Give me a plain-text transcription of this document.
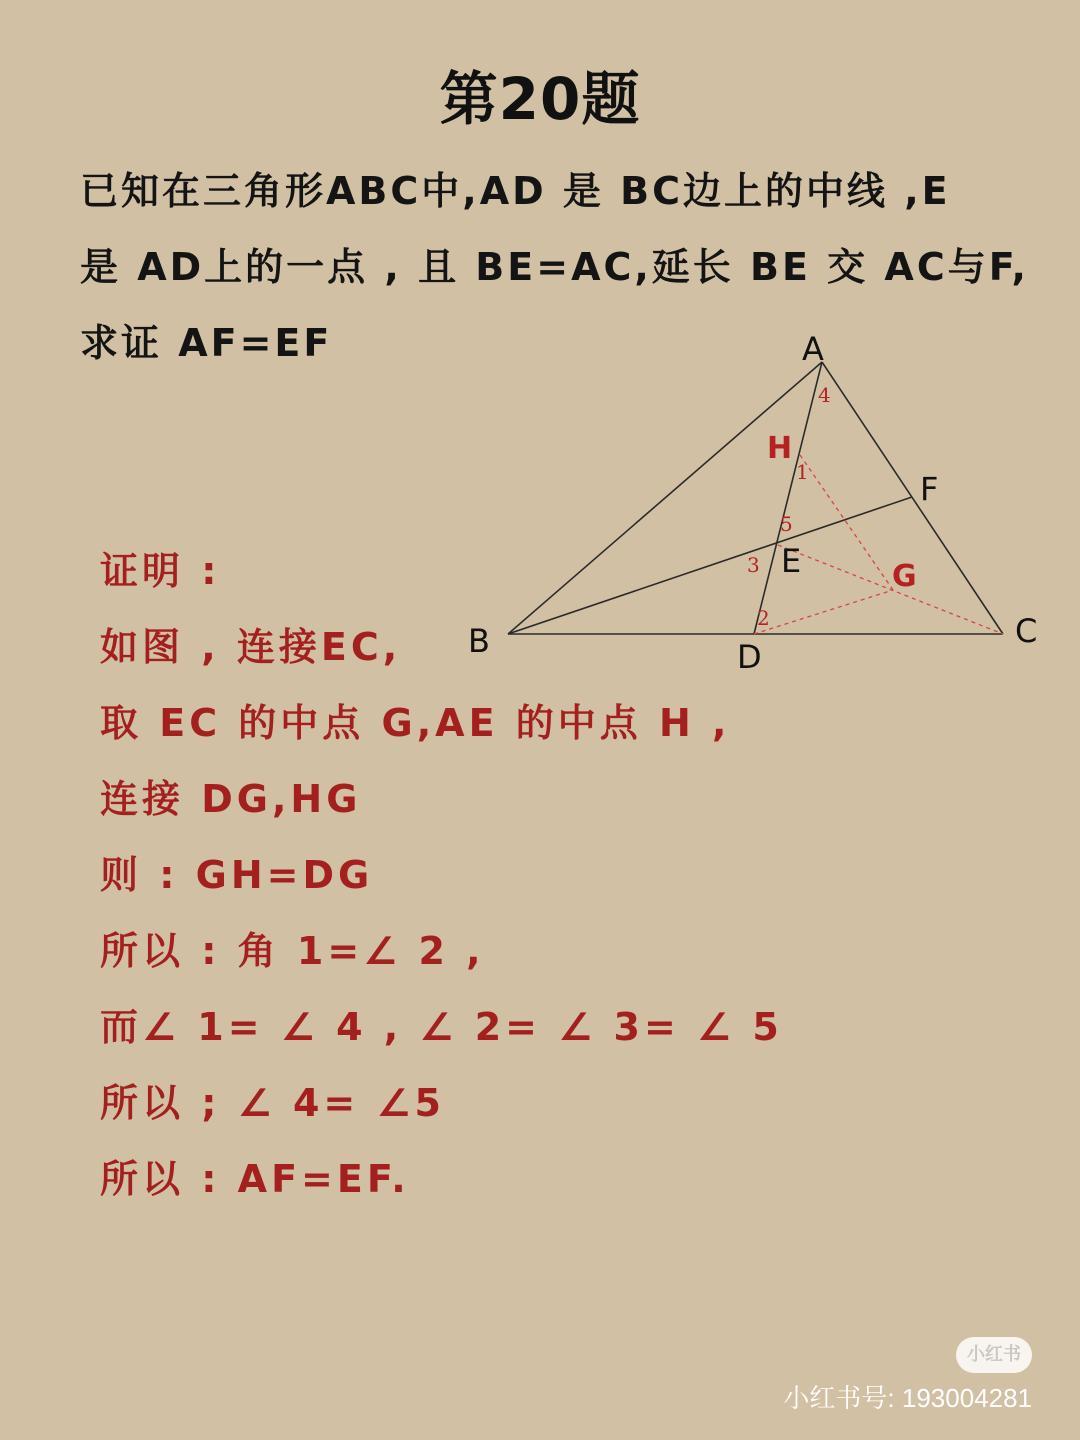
第20题
已知在三角形ABC中,AD 是 BC边上的中线 ,E
是 AD上的一点 , 且 BE=AC,延长 BE 交 AC与F,
求证 AF=EF	A
B	C
D
E
F
G
H
1
2
3
4
5
证明 :
如图 , 连接EC,
取 EC 的中点 G,AE 的中点 H ,
连接 DG,HG
则 : GH=DG
所以 : 角 1=∠ 2 ,
而∠ 1= ∠ 4 , ∠ 2= ∠ 3= ∠ 5
所以 ; ∠ 4= ∠5
所以 : AF=EF.
小红书
小红书号: 193004281
